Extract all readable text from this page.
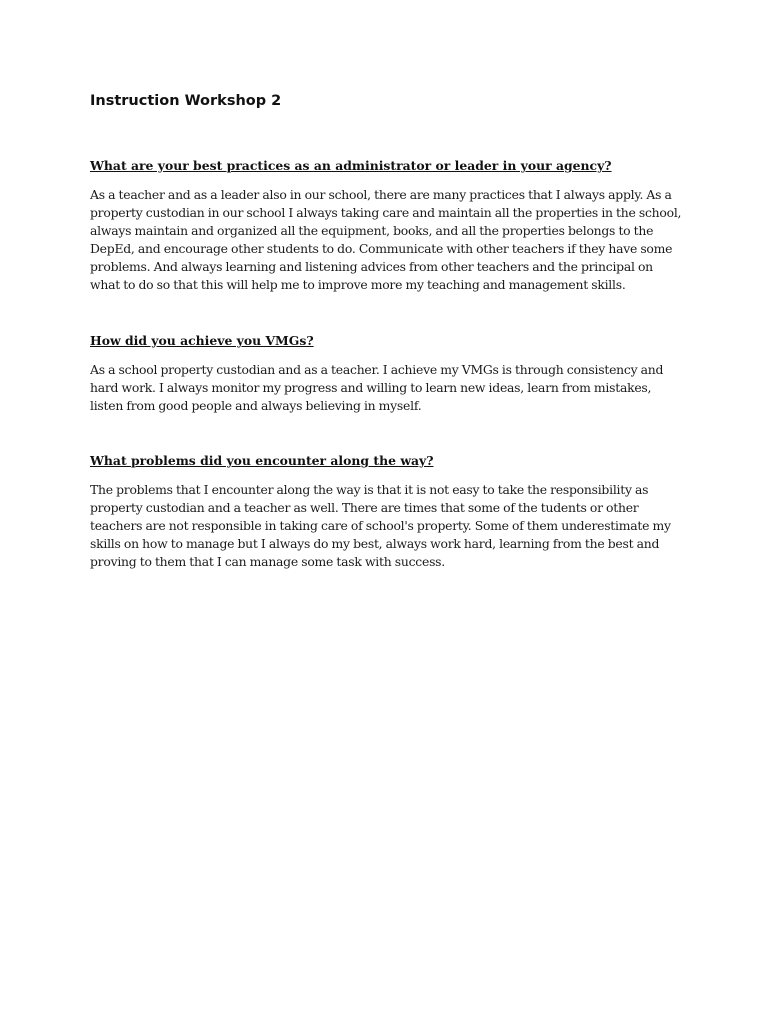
Instruction Workshop 2

What are your best practices as an administrator or leader in your agency?

As a teacher and as a leader also in our school, there are many practices that I always apply. As a property custodian in our school I always taking care and maintain all the properties in the school, always maintain and organized all the equipment, books, and all the properties belongs to the DepEd, and encourage other students to do. Communicate with other teachers if they have some problems. And always learning and listening advices from other teachers and the principal on what to do so that this will help me to improve more my teaching and management skills.

How did you achieve you VMGs?

As a school property custodian and as a teacher. I achieve my VMGs is through consistency and hard work. I always monitor my progress and willing to learn new ideas, learn from mistakes, listen from good people and always believing in myself.

What problems did you encounter along the way?

The problems that I encounter along the way is that it is not easy to take the responsibility as property custodian and a teacher as well. There are times that some of the tudents or other teachers are not responsible in taking care of school's property. Some of them underestimate my skills on how to manage but I always do my best, always work hard, learning from the best and proving to them that I can manage some task with success.
